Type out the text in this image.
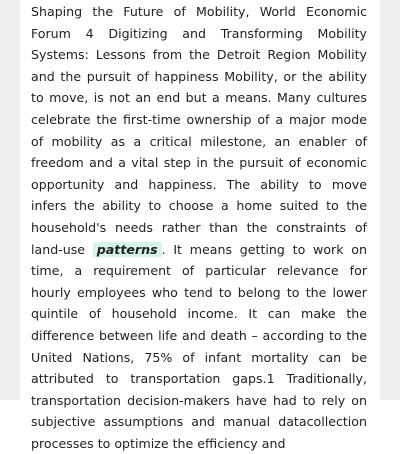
Shaping the Future of Mobility, World Economic Forum 4 Digitizing and Transforming Mobility Systems: Lessons from the Detroit Region Mobility and the pursuit of happiness Mobility, or the ability to move, is not an end but a means. Many cultures celebrate the first-time ownership of a major mode of mobility as a critical milestone, an enabler of freedom and a vital step in the pursuit of economic opportunity and happiness. The ability to move infers the ability to choose a home suited to the household's needs rather than the constraints of land-use patterns . It means getting to work on time, a requirement of particular relevance for hourly employees who tend to belong to the lower quintile of household income. It can make the difference between life and death – according to the United Nations, 75% of infant mortality can be attributed to transportation gaps.1 Traditionally, transportation decision-makers have had to rely on subjective assumptions and manual datacollection processes to optimize the efficiency and
